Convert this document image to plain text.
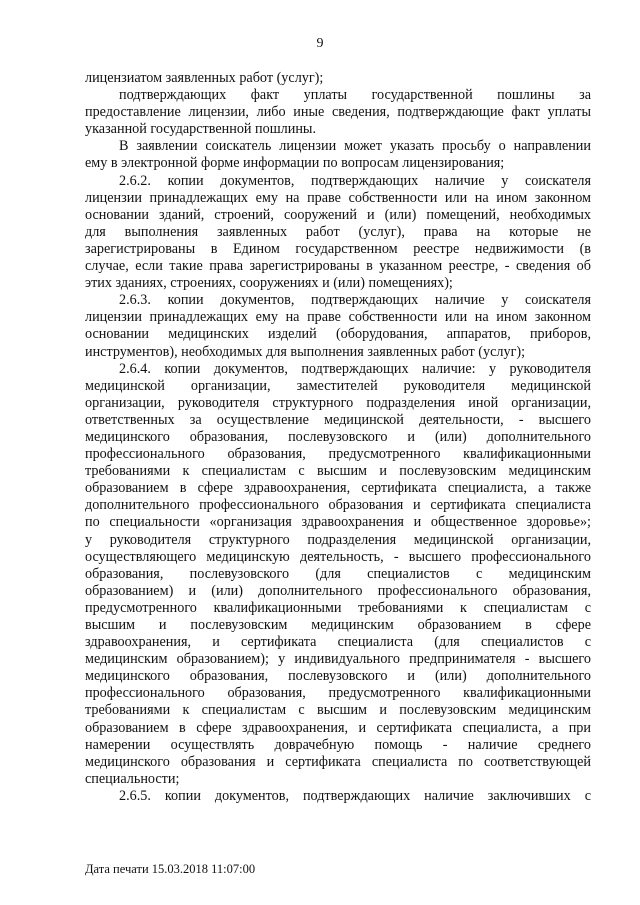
9
лицензиатом заявленных работ (услуг);
подтверждающих факт уплаты государственной пошлины за
предоставление лицензии, либо иные сведения, подтверждающие факт уплаты
указанной государственной пошлины.
В заявлении соискатель лицензии может указать просьбу о направлении
ему в электронной форме информации по вопросам лицензирования;
2.6.2. копии документов, подтверждающих наличие у соискателя
лицензии принадлежащих ему на праве собственности или на ином законном
основании зданий, строений, сооружений и (или) помещений, необходимых
для выполнения заявленных работ (услуг), права на которые не
зарегистрированы в Едином государственном реестре недвижимости (в
случае, если такие права зарегистрированы в указанном реестре, - сведения об
этих зданиях, строениях, сооружениях и (или) помещениях);
2.6.3. копии документов, подтверждающих наличие у соискателя
лицензии принадлежащих ему на праве собственности или на ином законном
основании медицинских изделий (оборудования, аппаратов, приборов,
инструментов), необходимых для выполнения заявленных работ (услуг);
2.6.4. копии документов, подтверждающих наличие: у руководителя
медицинской организации, заместителей руководителя медицинской
организации, руководителя структурного подразделения иной организации,
ответственных за осуществление медицинской деятельности, - высшего
медицинского образования, послевузовского и (или) дополнительного
профессионального образования, предусмотренного квалификационными
требованиями к специалистам с высшим и послевузовским медицинским
образованием в сфере здравоохранения, сертификата специалиста, а также
дополнительного профессионального образования и сертификата специалиста
по специальности «организация здравоохранения и общественное здоровье»;
у руководителя структурного подразделения медицинской организации,
осуществляющего медицинскую деятельность, - высшего профессионального
образования, послевузовского (для специалистов с медицинским
образованием) и (или) дополнительного профессионального образования,
предусмотренного квалификационными требованиями к специалистам с
высшим и послевузовским медицинским образованием в сфере
здравоохранения, и сертификата специалиста (для специалистов с
медицинским образованием); у индивидуального предпринимателя - высшего
медицинского образования, послевузовского и (или) дополнительного
профессионального образования, предусмотренного квалификационными
требованиями к специалистам с высшим и послевузовским медицинским
образованием в сфере здравоохранения, и сертификата специалиста, а при
намерении осуществлять доврачебную помощь - наличие среднего
медицинского образования и сертификата специалиста по соответствующей
специальности;
2.6.5. копии документов, подтверждающих наличие заключивших с
Дата печати 15.03.2018 11:07:00
